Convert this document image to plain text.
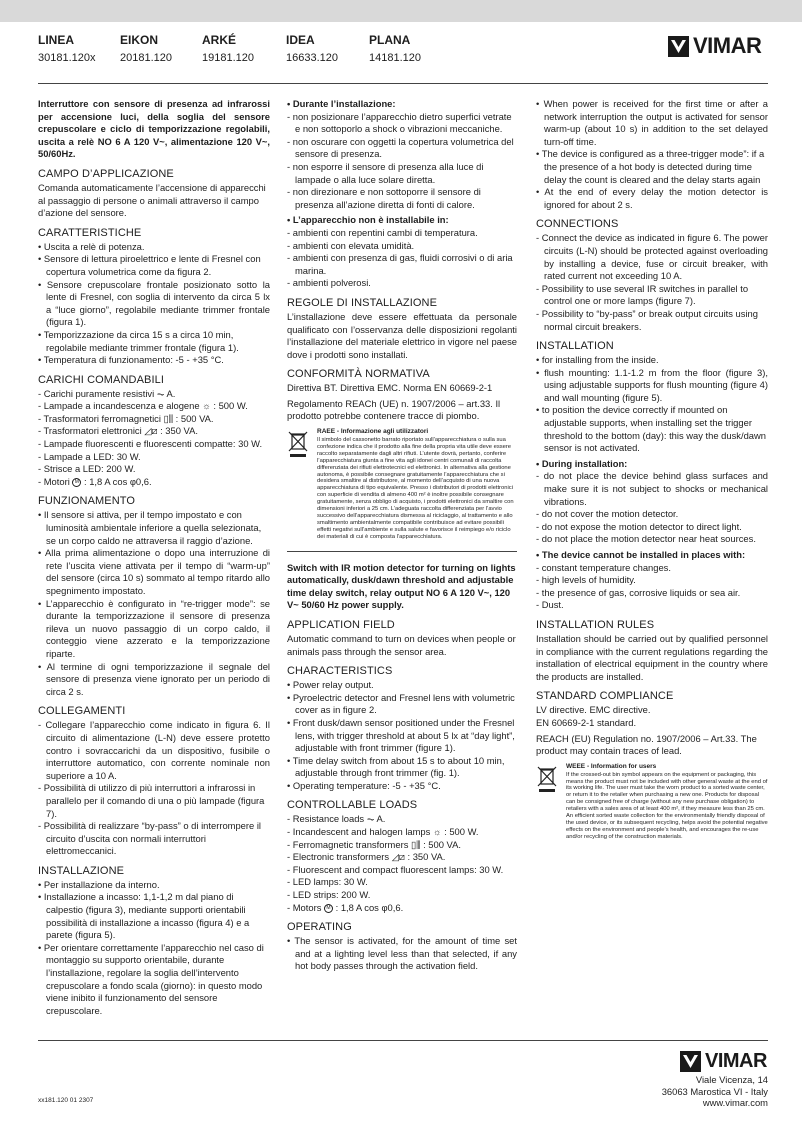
LINEA
30181.120x
EIKON
20181.120
ARKÉ
19181.120
IDEA
16633.120
PLANA
14181.120	VIMAR

Interruttore con sensore di presenza ad infrarossi per accensione luci, della soglia del sensore crepuscolare e ciclo di temporizzazione regolabili, uscita a relè NO 6 A 120 V~, alimentazione 120 V~, 50/60Hz.

CAMPO D’APPLICAZIONE

Comanda automaticamente l’accensione di apparecchi al passaggio di persone o animali attraverso il campo d’azione del sensore.

CARATTERISTICHE

• Uscita a relè di potenza.

• Sensore di lettura piroelettrico e lente di Fresnel con copertura volumetrica come da figura 2.

• Sensore crepuscolare frontale posizionato sotto la lente di Fresnel, con soglia di intervento da circa 5 lx a “luce giorno”, regolabile mediante trimmer frontale (figura 1).

• Temporizzazione da circa 15 s a circa 10 min, regolabile mediante trimmer frontale (figura 1).

• Temperatura di funzionamento: -5 - +35 °C.

CARICHI COMANDABILI

- Carichi puramente resistivi ⏦ A.

- Lampade a incandescenza e alogene ☼ : 500 W.

- Trasformatori ferromagnetici ▯⫼ : 500 VA.

- Trasformatori elettronici ◿⧄ : 350 VA.

- Lampade fluorescenti e fluorescenti compatte: 30 W.

- Lampade a LED: 30 W.

- Strisce a LED: 200 W.

- Motori M : 1,8 A cos φ0,6.

FUNZIONAMENTO

• Il sensore si attiva, per il tempo impostato e con luminosità ambientale inferiore a quella selezionata, se un corpo caldo ne attraversa il raggio d’azione.

• Alla prima alimentazione o dopo una interruzione di rete l’uscita viene attivata per il tempo di “warm-up” del sensore (circa 10 s) sommato al tempo ritardo allo spegnimento impostato.

• L’apparecchio è configurato in “re-trigger mode”: se durante la temporizzazione il sensore di presenza rileva un nuovo passaggio di un corpo caldo, il conteggio viene azzerato e la temporizzazione riparte.

• Al termine di ogni temporizzazione il segnale del sensore di presenza viene ignorato per un periodo di circa 2 s.

COLLEGAMENTI

- Collegare l’apparecchio come indicato in figura 6. Il circuito di alimentazione (L-N) deve essere protetto contro i sovraccarichi da un dispositivo, fusibile o interruttore automatico, con corrente nominale non superiore a 10 A.

- Possibilità di utilizzo di più interruttori a infrarossi in parallelo per il comando di una o più lampade (figura 7).

- Possibilità di realizzare “by-pass” o di interrompere il circuito d’uscita con normali interruttori elettromeccanici.

INSTALLAZIONE

• Per installazione da interno.

• Installazione a incasso: 1,1-1,2 m dal piano di calpestio (figura 3), mediante supporti orientabili possibilità di installazione a incasso (figura 4) e a parete (figura 5).

• Per orientare correttamente l’apparecchio nel caso di montaggio su supporto orientabile, durante l’installazione, regolare la soglia dell’intervento crepuscolare a fondo scala (giorno): in questo modo viene inibito il funzionamento del sensore crepuscolare.

• Durante l’installazione:

- non posizionare l’apparecchio dietro superfici vetrate e non sottoporlo a shock o vibrazioni meccaniche.

- non oscurare con oggetti la copertura volumetrica del sensore di presenza.

- non esporre il sensore di presenza alla luce di lampade o alla luce solare diretta.

- non direzionare e non sottoporre il sensore di presenza all’azione diretta di fonti di calore.

• L’apparecchio non è installabile in:

- ambienti con repentini cambi di temperatura.

- ambienti con elevata umidità.

- ambienti con presenza di gas, fluidi corrosivi o di aria marina.

- ambienti polverosi.

REGOLE DI INSTALLAZIONE

L’installazione deve essere effettuata da personale qualificato con l’osservanza delle disposizioni regolanti l’installazione del materiale elettrico in vigore nel paese dove i prodotti sono installati.

CONFORMITÀ NORMATIVA

Direttiva BT. Direttiva EMC. Norma EN 60669-2-1

Regolamento REACh (UE) n. 1907/2006 – art.33. Il prodotto potrebbe contenere tracce di piombo.

RAEE - Informazione agli utilizzatori

Il simbolo del cassonetto barrato riportato sull’apparecchiatura o sulla sua confezione indica che il prodotto alla fine della propria vita utile deve essere raccolto separatamente dagli altri rifiuti. L’utente dovrà, pertanto, conferire l’apparecchiatura giunta a fine vita agli idonei centri comunali di raccolta differenziata dei rifiuti elettrotecnici ed elettronici. In alternativa alla gestione autonoma, è possibile consegnare gratuitamente l’apparecchiatura che si desidera smaltire al distributore, al momento dell’acquisto di una nuova apparecchiatura di tipo equivalente. Presso i distributori di prodotti elettronici con superficie di vendita di almeno 400 m² è inoltre possibile consegnare gratuitamente, senza obbligo di acquisto, i prodotti elettronici da smaltire con dimensioni inferiori a 25 cm. L’adeguata raccolta differenziata per l’avvio successivo dell’apparecchiatura dismessa al riciclaggio, al trattamento e allo smaltimento ambientalmente compatibile contribuisce ad evitare possibili effetti negativi sull’ambiente e sulla salute e favorisce il reimpiego e/o riciclo dei materiali di cui è composta l’apparecchiatura.

Switch with IR motion detector for turning on lights automatically, dusk/dawn threshold and adjustable time delay switch, relay output NO 6 A 120 V~, 120 V~ 50/60 Hz power supply.

APPLICATION FIELD

Automatic command to turn on devices when people or animals pass through the sensor area.

CHARACTERISTICS

• Power relay output.

• Pyroelectric detector and Fresnel lens with volumetric cover as in figure 2.

• Front dusk/dawn sensor positioned under the Fresnel lens, with trigger threshold at about 5 lx at “day light”, adjustable with front trimmer (figure 1).

• Time delay switch from about 15 s to about 10 min, adjustable through front trimmer (fig. 1).

• Operating temperature: -5 - +35 °C.

CONTROLLABLE LOADS

- Resistance loads ⏦ A.

- Incandescent and halogen lamps ☼ : 500 W.

- Ferromagnetic transformers ▯⫼ : 500 VA.

- Electronic transformers ◿⧄ : 350 VA.

- Fluorescent and compact fluorescent lamps: 30 W.

- LED lamps: 30 W.

- LED strips: 200 W.

- Motors M : 1,8 A cos φ0,6.

OPERATING

• The sensor is activated, for the amount of time set and at a lighting level less than that selected, if any hot body passes through the activation field.

• When power is received for the first time or after a network interruption the output is activated for sensor warm-up (about 10 s) in addition to the set delayed turn-off time.

• The device is configured as a three-trigger mode”: if a the presence of a hot body is detected during time delay the count is cleared and the delay starts again

• At the end of every delay the motion detector is ignored for about 2 s.

CONNECTIONS

- Connect the device as indicated in figure 6. The power circuits (L-N) should be protected against overloading by installing a device, fuse or circuit breaker, with rated current not exceeding 10 A.

- Possibility to use several IR switches in parallel to control one or more lamps (figure 7).

- Possibility to “by-pass” or break output circuits using normal circuit breakers.

INSTALLATION

• for installing from the inside.

• flush mounting: 1.1-1.2 m from the floor (figure 3), using adjustable supports for flush mounting (figure 4) and wall mounting (figure 5).

• to position the device correctly if mounted on adjustable supports, when installing set the trigger threshold to the bottom (day): this way the dusk/dawn sensor is not activated.

• During installation:

- do not place the device behind glass surfaces and make sure it is not subject to shocks or mechanical vibrations.

- do not cover the motion detector.

- do not expose the motion detector to direct light.

- do not place the motion detector near heat sources.

• The device cannot be installed in places with:

- constant temperature changes.

- high levels of humidity.

- the presence of gas, corrosive liquids or sea air.

- Dust.

INSTALLATION RULES

Installation should be carried out by qualified personnel in compliance with the current regulations regarding the installation of electrical equipment in the country where the products are installed.

STANDARD COMPLIANCE

LV directive. EMC directive.

EN 60669-2-1 standard.

REACH (EU) Regulation no. 1907/2006 – Art.33. The product may contain traces of lead.

WEEE - Information for users

If the crossed-out bin symbol appears on the equipment or packaging, this means the product must not be included with other general waste at the end of its working life. The user must take the worn product to a sorted waste center, or return it to the retailer when purchasing a new one. Products for disposal can be consigned free of charge (without any new purchase obligation) to retailers with a sales area of at least 400 m², if they measure less than 25 cm. An efficient sorted waste collection for the environmentally friendly disposal of the used device, or its subsequent recycling, helps avoid the potential negative effects on the environment and people’s health, and encourages the re-use and/or recycling of the construction materials.

VIMAR

Viale Vicenza, 14

36063 Marostica VI - Italy

www.vimar.com

xx181.120 01 2307
